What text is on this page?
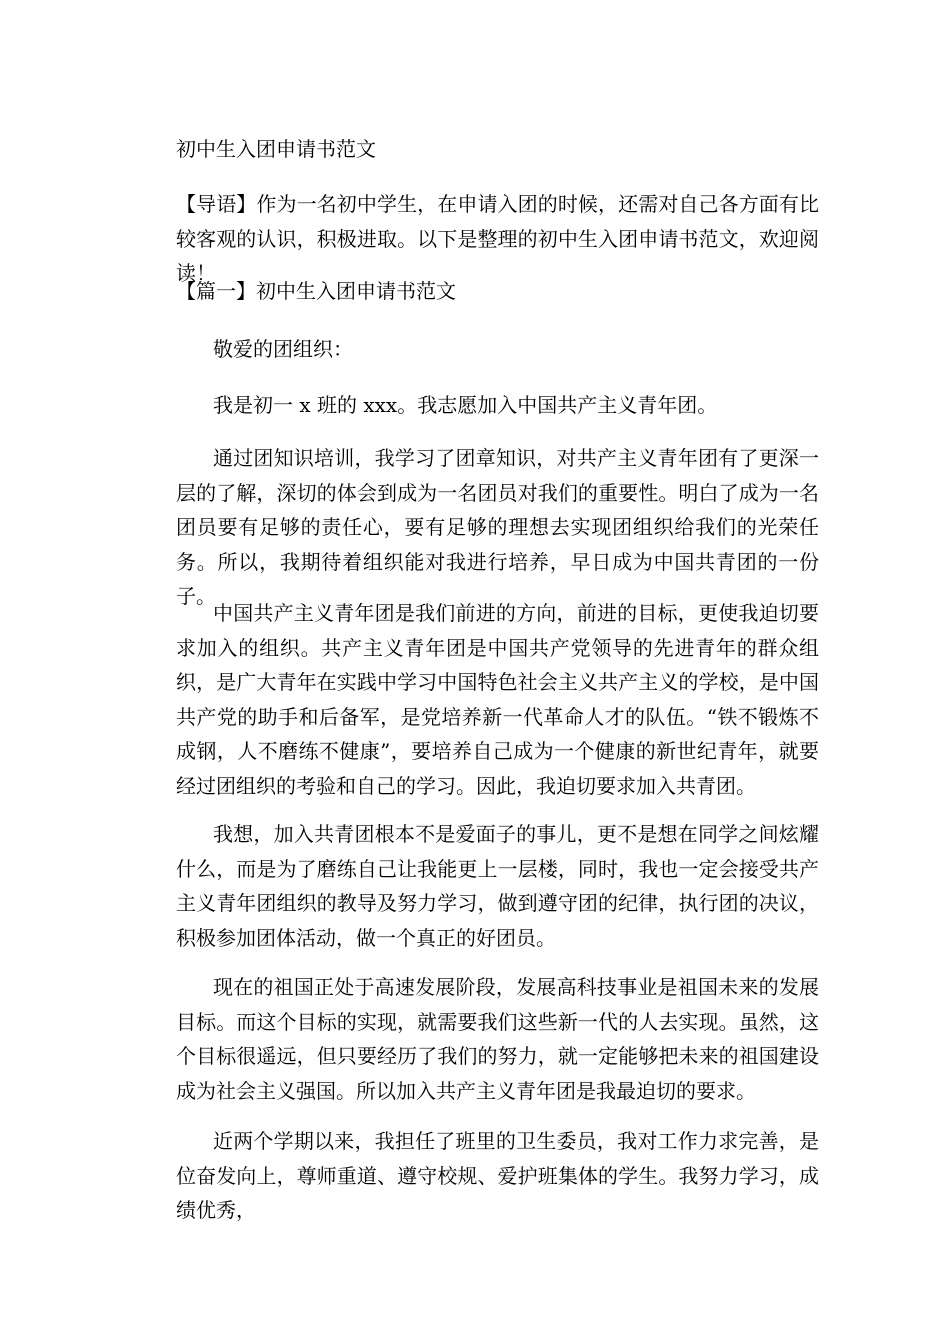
初中生入团申请书范文

【导语】作为一名初中学生，在申请入团的时候，还需对自己各方面有比较客观的认识，积极进取。以下是整理的初中生入团申请书范文，欢迎阅读！

【篇一】初中生入团申请书范文

敬爱的团组织：

我是初一 x 班的 xxx。我志愿加入中国共产主义青年团。

通过团知识培训，我学习了团章知识，对共产主义青年团有了更深一层的了解，深切的体会到成为一名团员对我们的重要性。明白了成为一名团员要有足够的责任心，要有足够的理想去实现团组织给我们的光荣任务。所以，我期待着组织能对我进行培养，早日成为中国共青团的一份子。

中国共产主义青年团是我们前进的方向，前进的目标，更使我迫切要求加入的组织。共产主义青年团是中国共产党领导的先进青年的群众组织，是广大青年在实践中学习中国特色社会主义共产主义的学校，是中国共产党的助手和后备军，是党培养新一代革命人才的队伍。“铁不锻炼不成钢，人不磨练不健康”，要培养自己成为一个健康的新世纪青年，就要经过团组织的考验和自己的学习。因此，我迫切要求加入共青团。

我想，加入共青团根本不是爱面子的事儿，更不是想在同学之间炫耀什么，而是为了磨练自己让我能更上一层楼，同时，我也一定会接受共产主义青年团组织的教导及努力学习，做到遵守团的纪律，执行团的决议，积极参加团体活动，做一个真正的好团员。

现在的祖国正处于高速发展阶段，发展高科技事业是祖国未来的发展目标。而这个目标的实现，就需要我们这些新一代的人去实现。虽然，这个目标很遥远，但只要经历了我们的努力，就一定能够把未来的祖国建设成为社会主义强国。所以加入共产主义青年团是我最迫切的要求。

近两个学期以来，我担任了班里的卫生委员，我对工作力求完善，是位奋发向上，尊师重道、遵守校规、爱护班集体的学生。我努力学习，成绩优秀，
